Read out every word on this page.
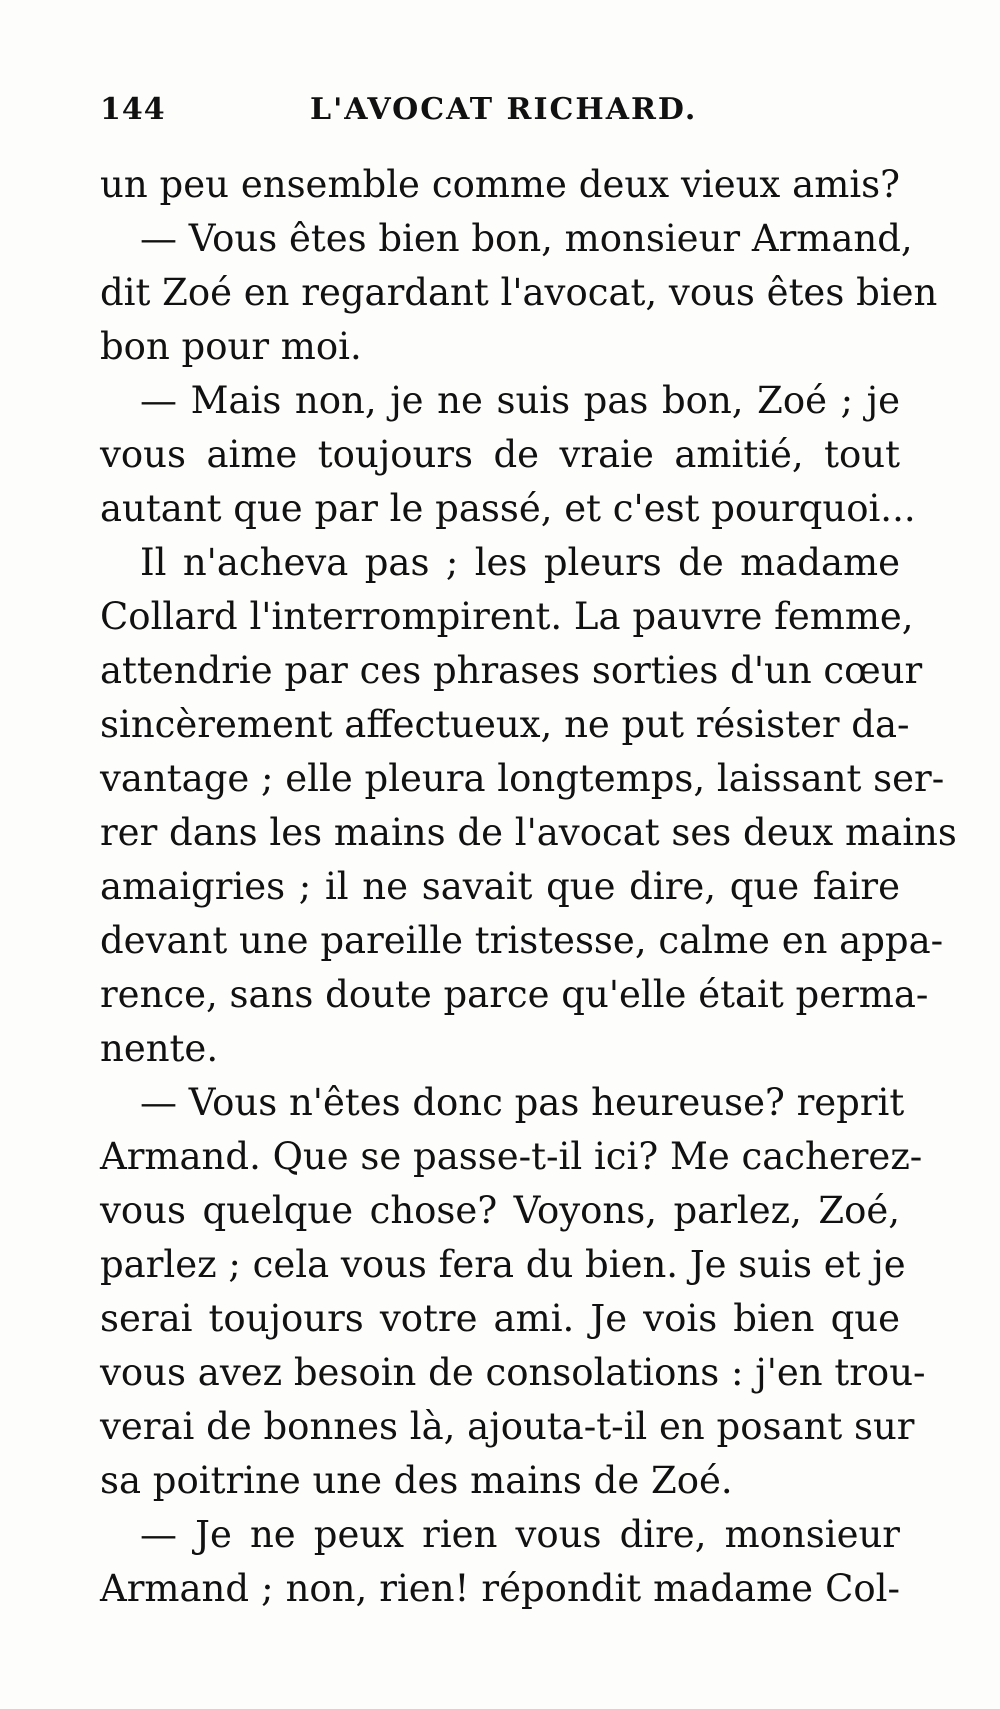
144	L'AVOCAT RICHARD.
un peu ensemble comme deux vieux amis?
— Vous êtes bien bon, monsieur Armand,
dit Zoé en regardant l'avocat, vous êtes bien
bon pour moi.
— Mais non, je ne suis pas bon, Zoé ; je
vous aime toujours de vraie amitié, tout
autant que par le passé, et c'est pourquoi...
Il n'acheva pas ; les pleurs de madame
Collard l'interrompirent. La pauvre femme,
attendrie par ces phrases sorties d'un cœur
sincèrement affectueux, ne put résister da-
vantage ; elle pleura longtemps, laissant ser-
rer dans les mains de l'avocat ses deux mains
amaigries ; il ne savait que dire, que faire
devant une pareille tristesse, calme en appa-
rence, sans doute parce qu'elle était perma-
nente.
— Vous n'êtes donc pas heureuse? reprit
Armand. Que se passe-t-il ici? Me cacherez-
vous quelque chose? Voyons, parlez, Zoé,
parlez ; cela vous fera du bien. Je suis et je
serai toujours votre ami. Je vois bien que
vous avez besoin de consolations : j'en trou-
verai de bonnes là, ajouta-t-il en posant sur
sa poitrine une des mains de Zoé.
— Je ne peux rien vous dire, monsieur
Armand ; non, rien! répondit madame Col-
